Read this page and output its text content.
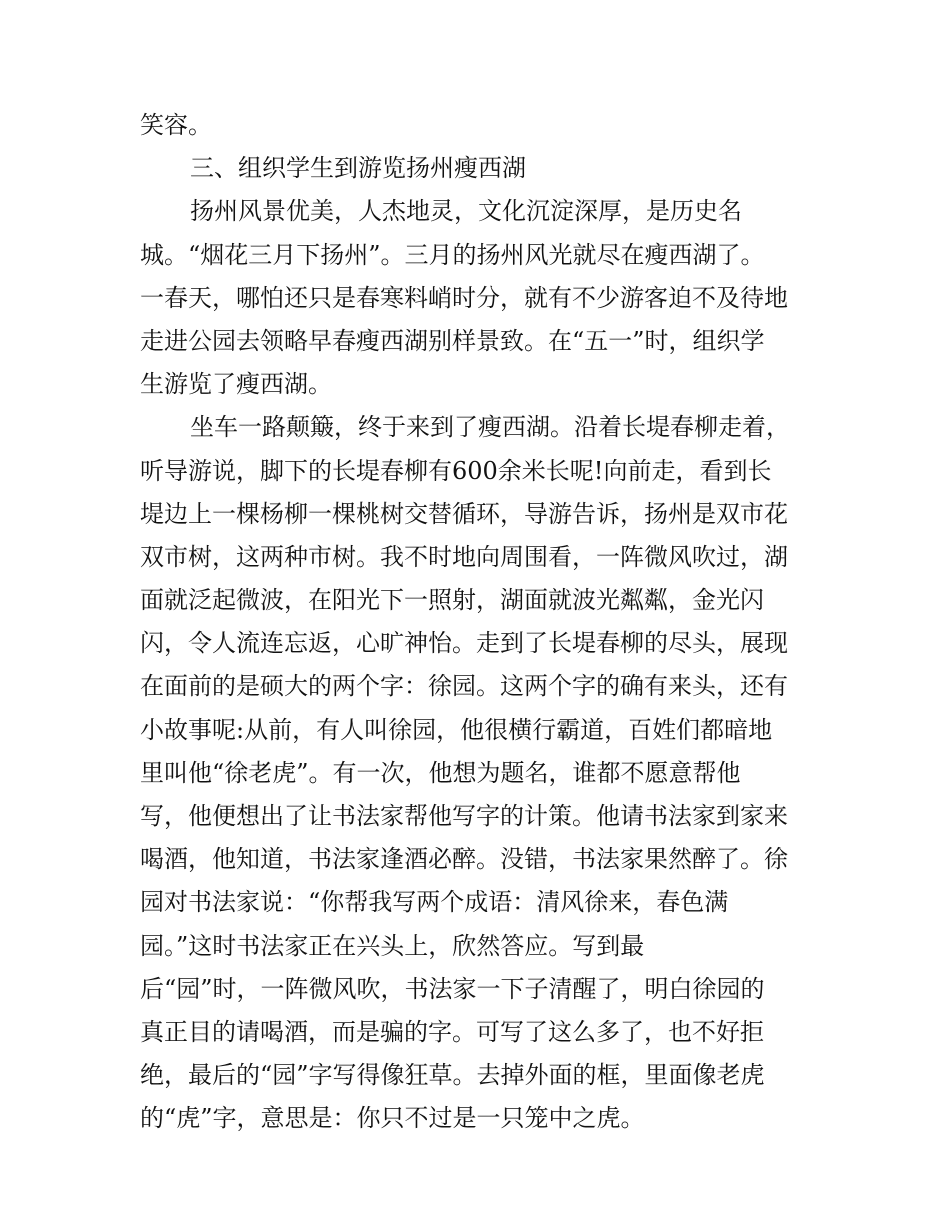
笑容。
三、组织学生到游览扬州瘦西湖
扬州风景优美，人杰地灵，文化沉淀深厚，是历史名
城。“烟花三月下扬州”。三月的扬州风光就尽在瘦西湖了。
一春天，哪怕还只是春寒料峭时分，就有不少游客迫不及待地
走进公园去领略早春瘦西湖别样景致。在“五一”时，组织学
生游览了瘦西湖。
坐车一路颠簸，终于来到了瘦西湖。沿着长堤春柳走着，
听导游说，脚下的长堤春柳有600余米长呢!向前走，看到长
堤边上一棵杨柳一棵桃树交替循环，导游告诉，扬州是双市花
双市树，这两种市树。我不时地向周围看，一阵微风吹过，湖
面就泛起微波，在阳光下一照射，湖面就波光粼粼，金光闪
闪，令人流连忘返，心旷神怡。走到了长堤春柳的尽头，展现
在面前的是硕大的两个字：徐园。这两个字的确有来头，还有
小故事呢:从前，有人叫徐园，他很横行霸道，百姓们都暗地
里叫他“徐老虎”。有一次，他想为题名，谁都不愿意帮他
写，他便想出了让书法家帮他写字的计策。他请书法家到家来
喝酒，他知道，书法家逢酒必醉。没错，书法家果然醉了。徐
园对书法家说：“你帮我写两个成语：清风徐来，春色满
园。”这时书法家正在兴头上，欣然答应。写到最
后“园”时，一阵微风吹，书法家一下子清醒了，明白徐园的
真正目的请喝酒，而是骗的字。可写了这么多了，也不好拒
绝，最后的“园”字写得像狂草。去掉外面的框，里面像老虎
的“虎”字，意思是：你只不过是一只笼中之虎。
